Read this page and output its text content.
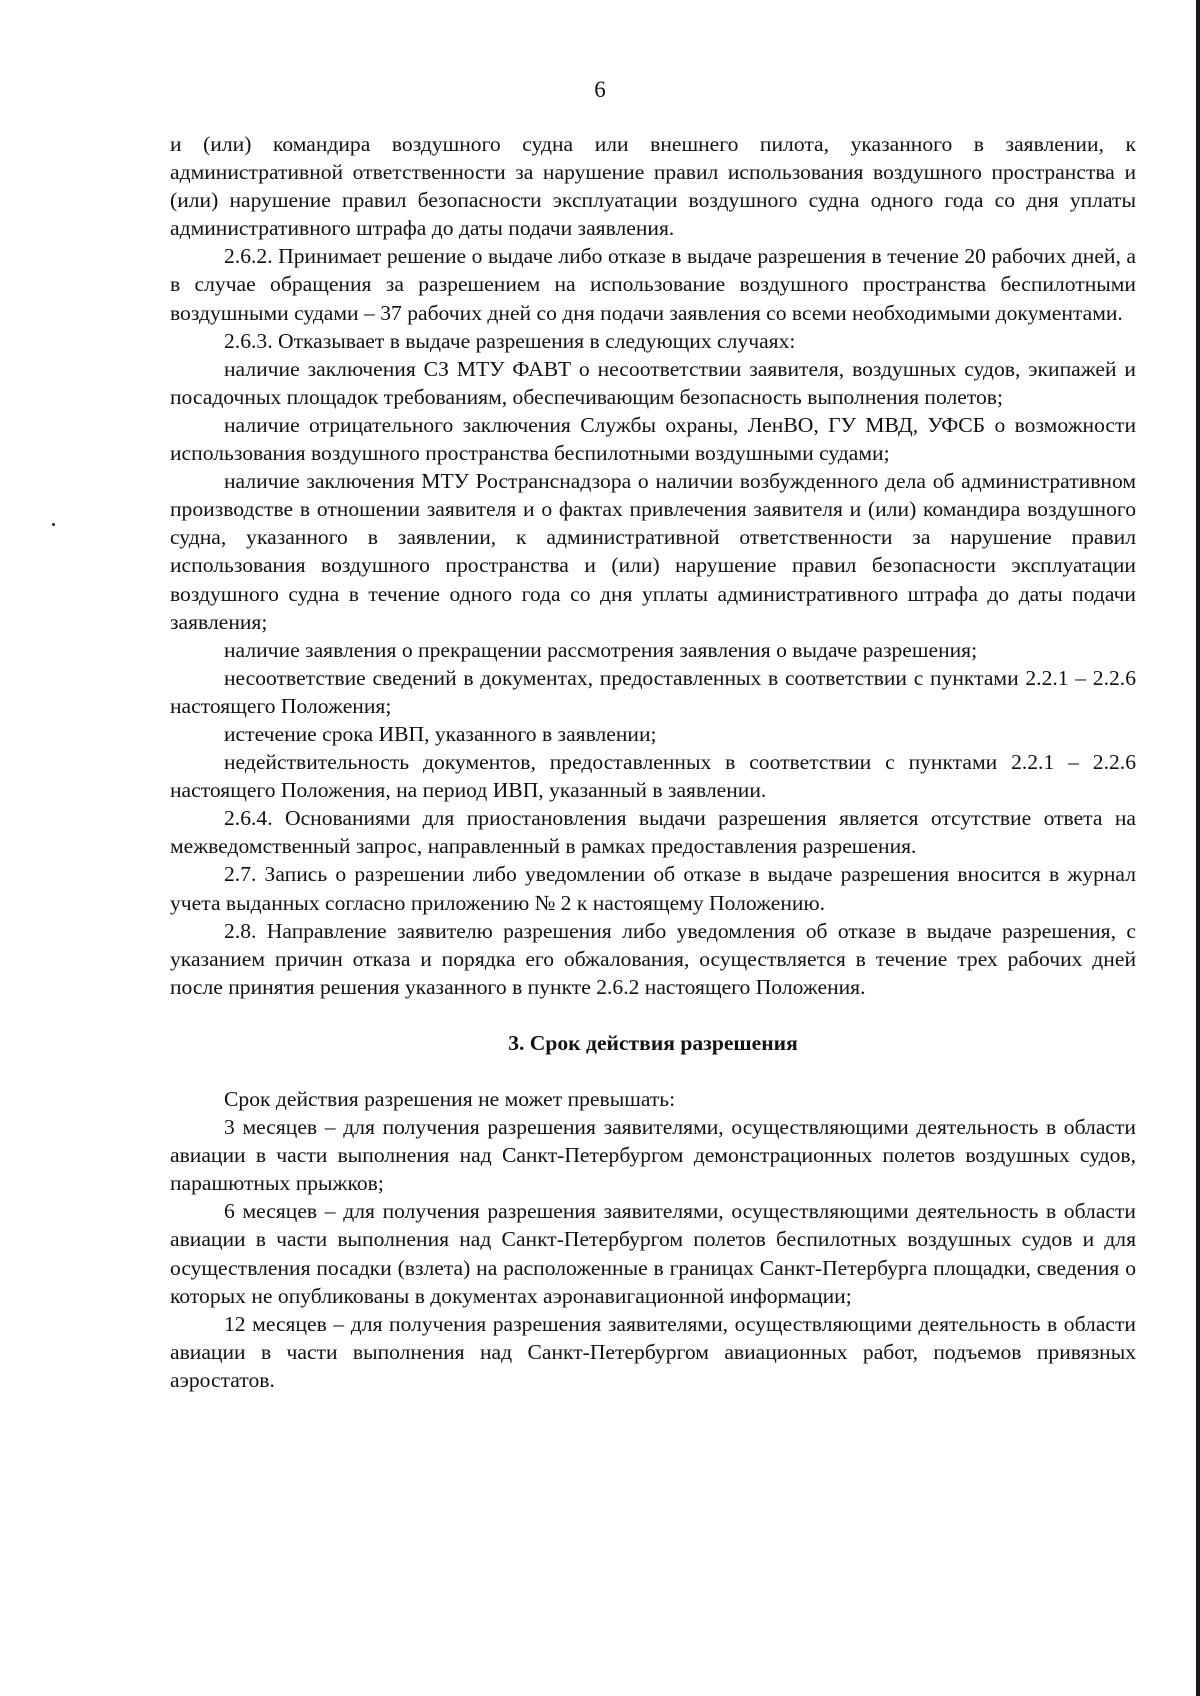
6

и (или) командира воздушного судна или внешнего пилота, указанного в заявлении, к административной ответственности за нарушение правил использования воздушного пространства и (или) нарушение правил безопасности эксплуатации воздушного судна одного года со дня уплаты административного штрафа до даты подачи заявления.

2.6.2. Принимает решение о выдаче либо отказе в выдаче разрешения в течение 20 рабочих дней, а в случае обращения за разрешением на использование воздушного пространства беспилотными воздушными судами – 37 рабочих дней со дня подачи заявления со всеми необходимыми документами.

2.6.3. Отказывает в выдаче разрешения в следующих случаях:

наличие заключения СЗ МТУ ФАВТ о несоответствии заявителя, воздушных судов, экипажей и посадочных площадок требованиям, обеспечивающим безопасность выполнения полетов;

наличие отрицательного заключения Службы охраны, ЛенВО, ГУ МВД, УФСБ о возможности использования воздушного пространства беспилотными воздушными судами;

наличие заключения МТУ Ространснадзора о наличии возбужденного дела об административном производстве в отношении заявителя и о фактах привлечения заявителя и (или) командира воздушного судна, указанного в заявлении, к административной ответственности за нарушение правил использования воздушного пространства и (или) нарушение правил безопасности эксплуатации воздушного судна в течение одного года со дня уплаты административного штрафа до даты подачи заявления;

наличие заявления о прекращении рассмотрения заявления о выдаче разрешения;

несоответствие сведений в документах, предоставленных в соответствии с пунктами 2.2.1 – 2.2.6 настоящего Положения;

истечение срока ИВП, указанного в заявлении;

недействительность документов, предоставленных в соответствии с пунктами 2.2.1 – 2.2.6 настоящего Положения, на период ИВП, указанный в заявлении.

2.6.4. Основаниями для приостановления выдачи разрешения является отсутствие ответа на межведомственный запрос, направленный в рамках предоставления разрешения.

2.7. Запись о разрешении либо уведомлении об отказе в выдаче разрешения вносится в журнал учета выданных согласно приложению № 2 к настоящему Положению.

2.8. Направление заявителю разрешения либо уведомления об отказе в выдаче разрешения, с указанием причин отказа и порядка его обжалования, осуществляется в течение трех рабочих дней после принятия решения указанного в пункте 2.6.2 настоящего Положения.

3. Срок действия разрешения

Срок действия разрешения не может превышать:

3 месяцев – для получения разрешения заявителями, осуществляющими деятельность в области авиации в части выполнения над Санкт-Петербургом демонстрационных полетов воздушных судов, парашютных прыжков;

6 месяцев – для получения разрешения заявителями, осуществляющими деятельность в области авиации в части выполнения над Санкт-Петербургом полетов беспилотных воздушных судов и для осуществления посадки (взлета) на расположенные в границах Санкт-Петербурга площадки, сведения о которых не опубликованы в документах аэронавигационной информации;

12 месяцев – для получения разрешения заявителями, осуществляющими деятельность в области авиации в части выполнения над Санкт-Петербургом авиационных работ, подъемов привязных аэростатов.
